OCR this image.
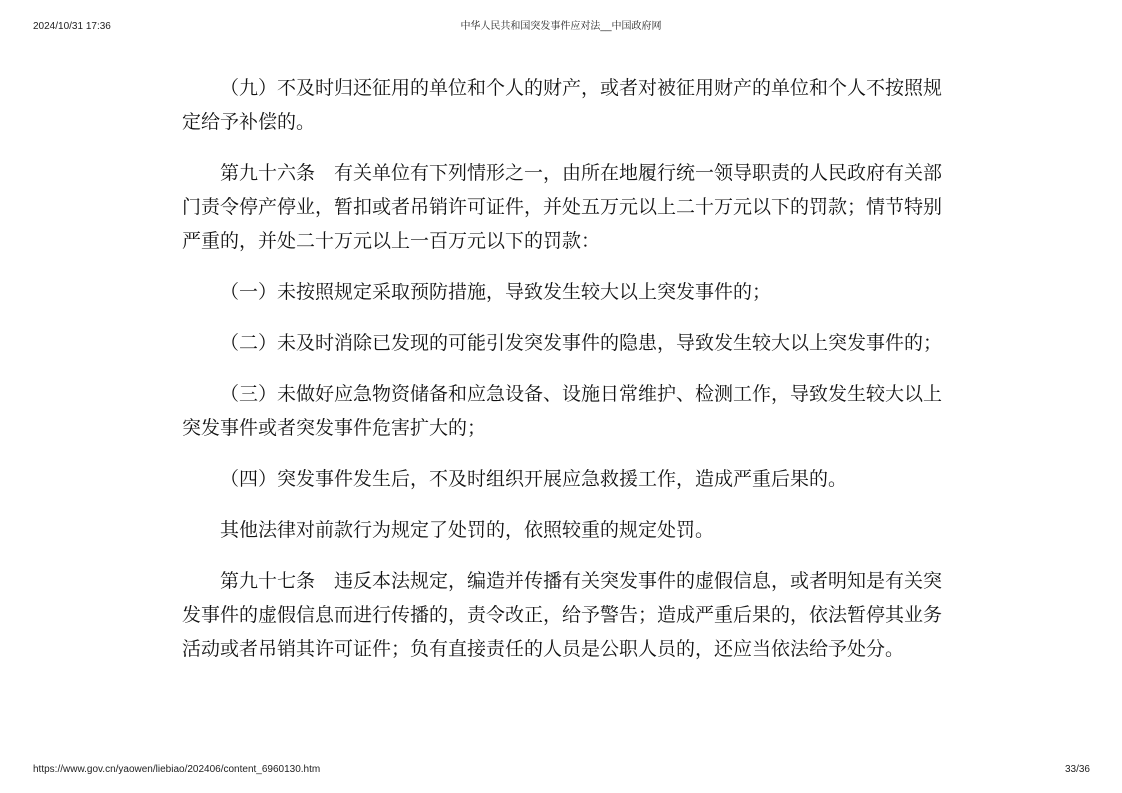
2024/10/31 17:36	中华人民共和国突发事件应对法__中国政府网

（九）不及时归还征用的单位和个人的财产，或者对被征用财产的单位和个人不按照规定给予补偿的。

第九十六条　有关单位有下列情形之一，由所在地履行统一领导职责的人民政府有关部门责令停产停业，暂扣或者吊销许可证件，并处五万元以上二十万元以下的罚款；情节特别严重的，并处二十万元以上一百万元以下的罚款：

（一）未按照规定采取预防措施，导致发生较大以上突发事件的；

（二）未及时消除已发现的可能引发突发事件的隐患，导致发生较大以上突发事件的；

（三）未做好应急物资储备和应急设备、设施日常维护、检测工作，导致发生较大以上突发事件或者突发事件危害扩大的；

（四）突发事件发生后，不及时组织开展应急救援工作，造成严重后果的。

其他法律对前款行为规定了处罚的，依照较重的规定处罚。

第九十七条　违反本法规定，编造并传播有关突发事件的虚假信息，或者明知是有关突发事件的虚假信息而进行传播的，责令改正，给予警告；造成严重后果的，依法暂停其业务活动或者吊销其许可证件；负有直接责任的人员是公职人员的，还应当依法给予处分。

https://www.gov.cn/yaowen/liebiao/202406/content_6960130.htm	33/36
